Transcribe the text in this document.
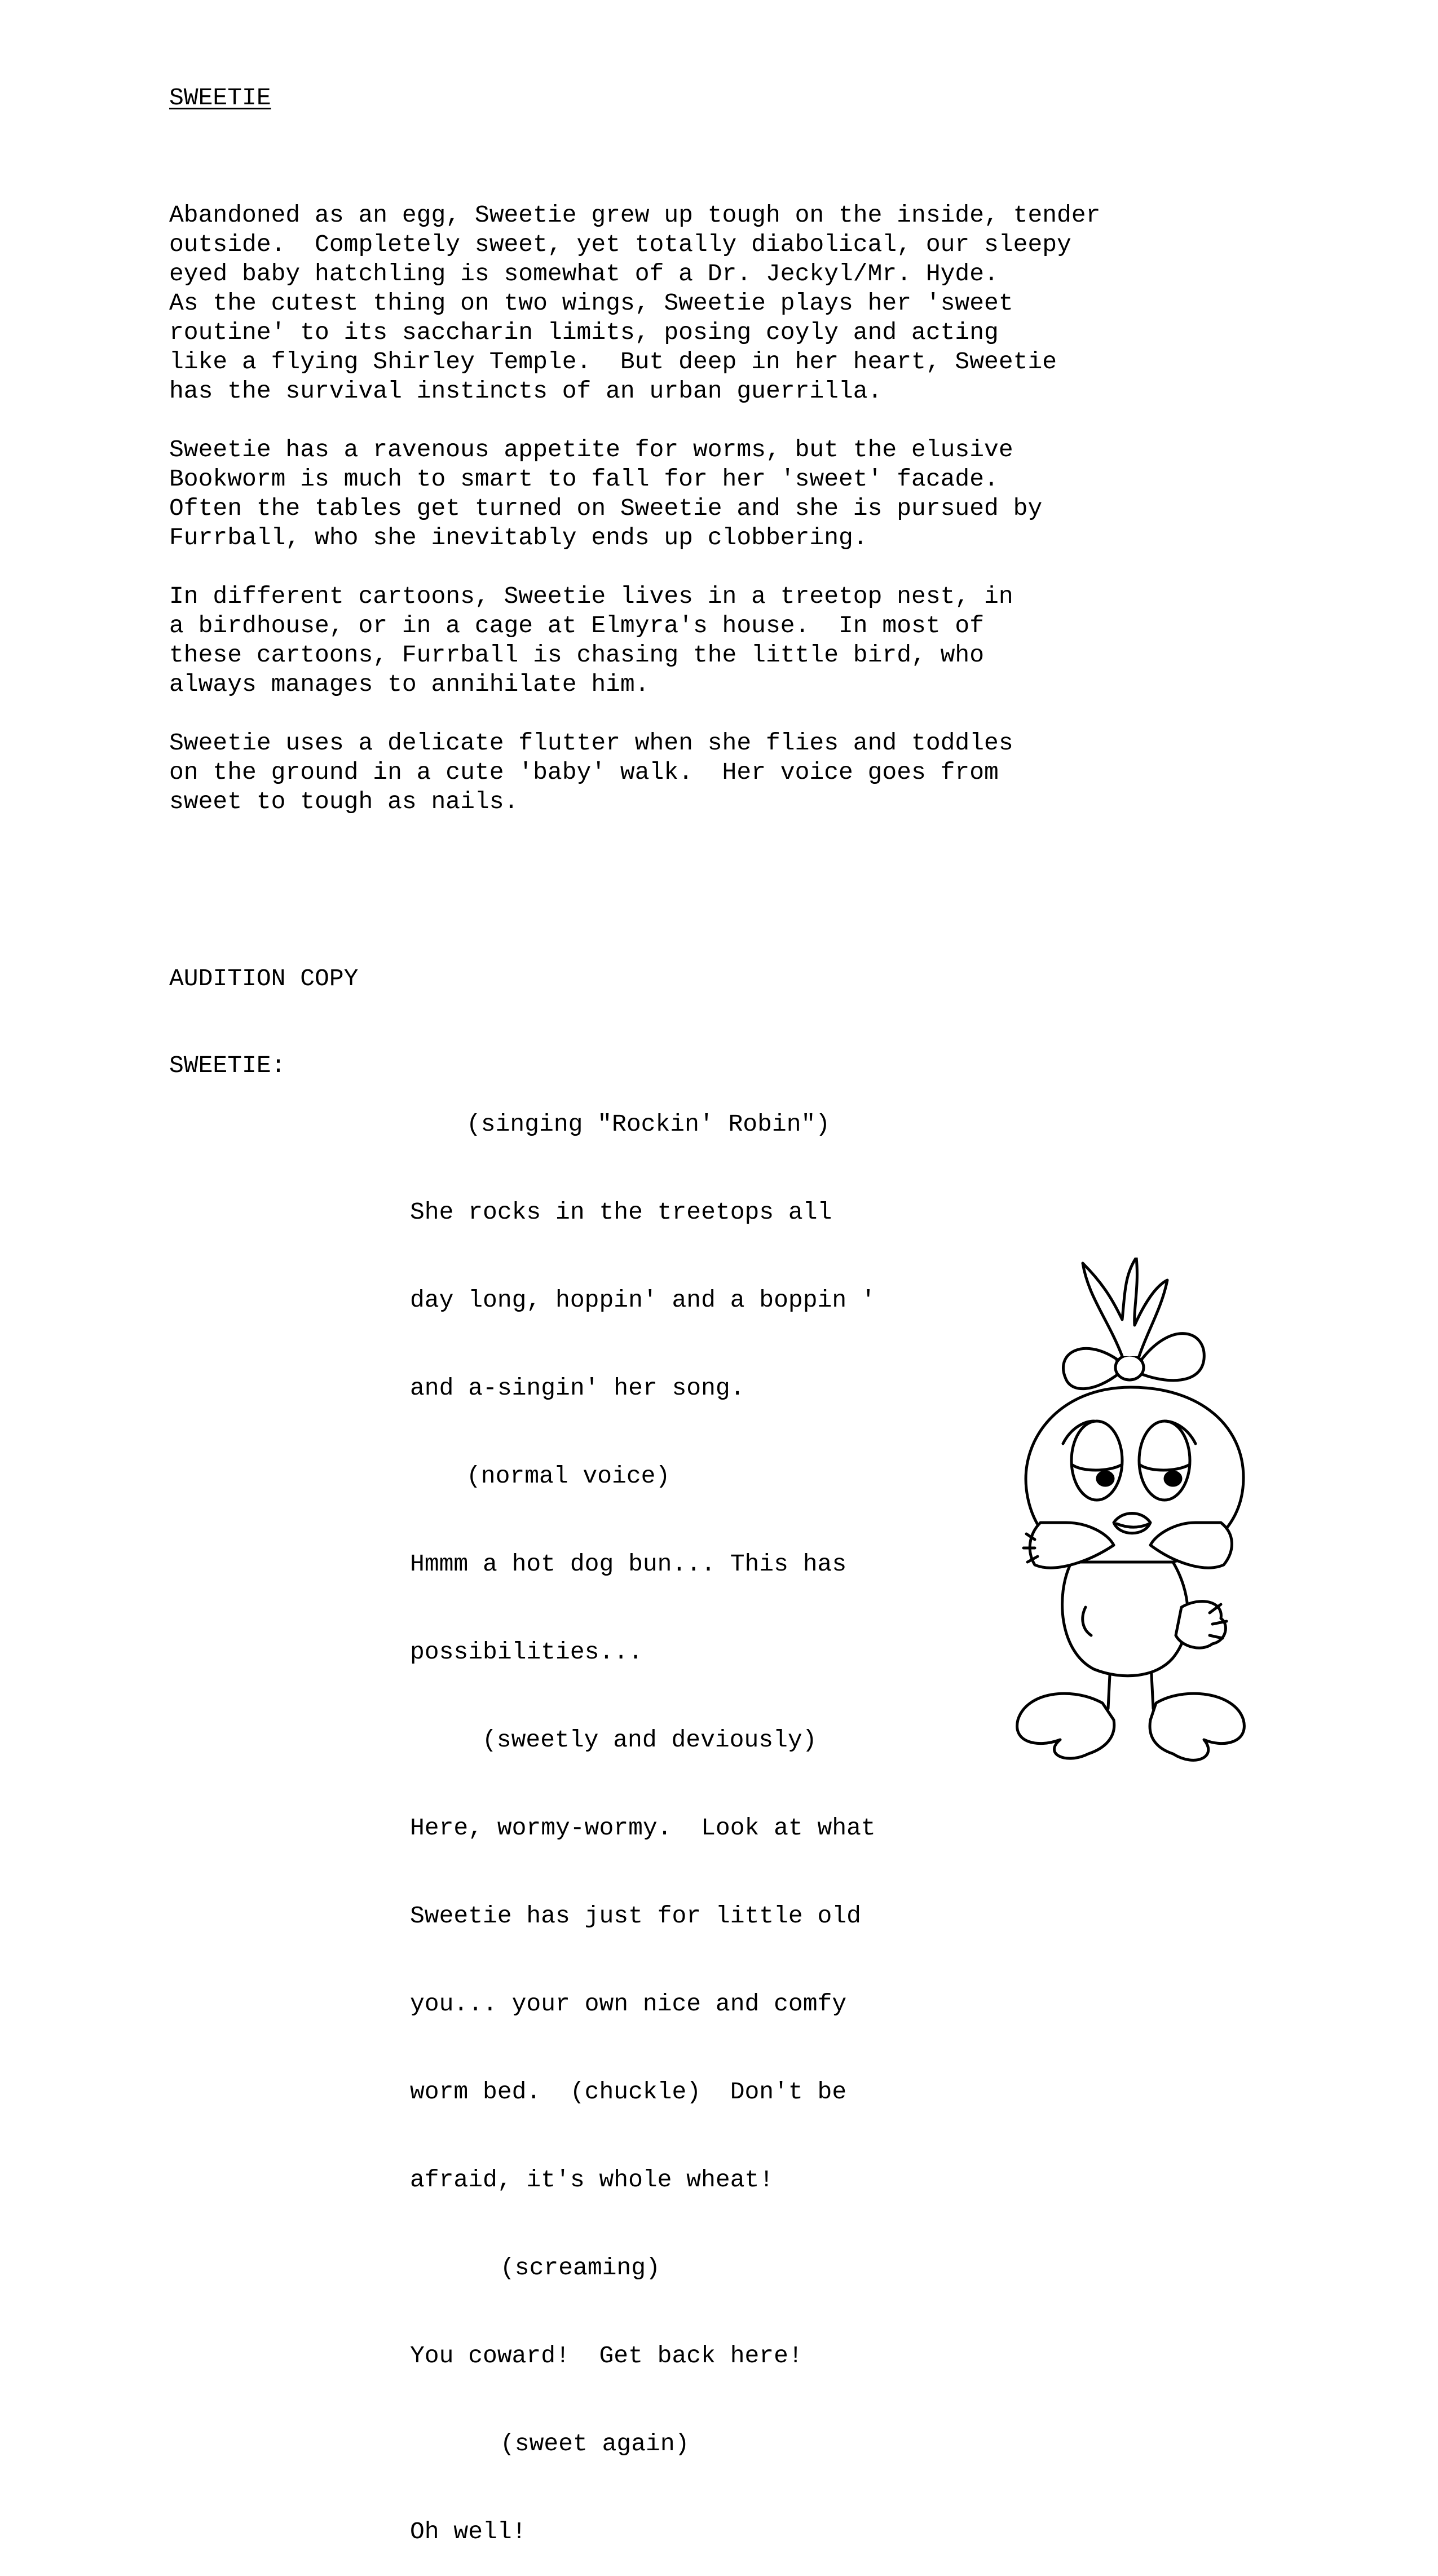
SWEETIE
Abandoned as an egg, Sweetie grew up tough on the inside, tender
outside.  Completely sweet, yet totally diabolical, our sleepy
eyed baby hatchling is somewhat of a Dr. Jeckyl/Mr. Hyde.
As the cutest thing on two wings, Sweetie plays her 'sweet
routine' to its saccharin limits, posing coyly and acting
like a flying Shirley Temple.  But deep in her heart, Sweetie
has the survival instincts of an urban guerrilla.
Sweetie has a ravenous appetite for worms, but the elusive
Bookworm is much to smart to fall for her 'sweet' facade.
Often the tables get turned on Sweetie and she is pursued by
Furrball, who she inevitably ends up clobbering.
In different cartoons, Sweetie lives in a treetop nest, in
a birdhouse, or in a cage at Elmyra's house.  In most of
these cartoons, Furrball is chasing the little bird, who
always manages to annihilate him.
Sweetie uses a delicate flutter when she flies and toddles
on the ground in a cute 'baby' walk.  Her voice goes from
sweet to tough as nails.
AUDITION COPY
SWEETIE:

(singing "Rockin' Robin")

She rocks in the treetops all

day long, hoppin' and a boppin '

and a-singin' her song.

(normal voice)

Hmmm a hot dog bun... This has

possibilities...

(sweetly and deviously)

Here, wormy-wormy.  Look at what

Sweetie has just for little old

you... your own nice and comfy

worm bed.  (chuckle)  Don't be

afraid, it's whole wheat!

(screaming)

You coward!  Get back here!

(sweet again)

Oh well!
